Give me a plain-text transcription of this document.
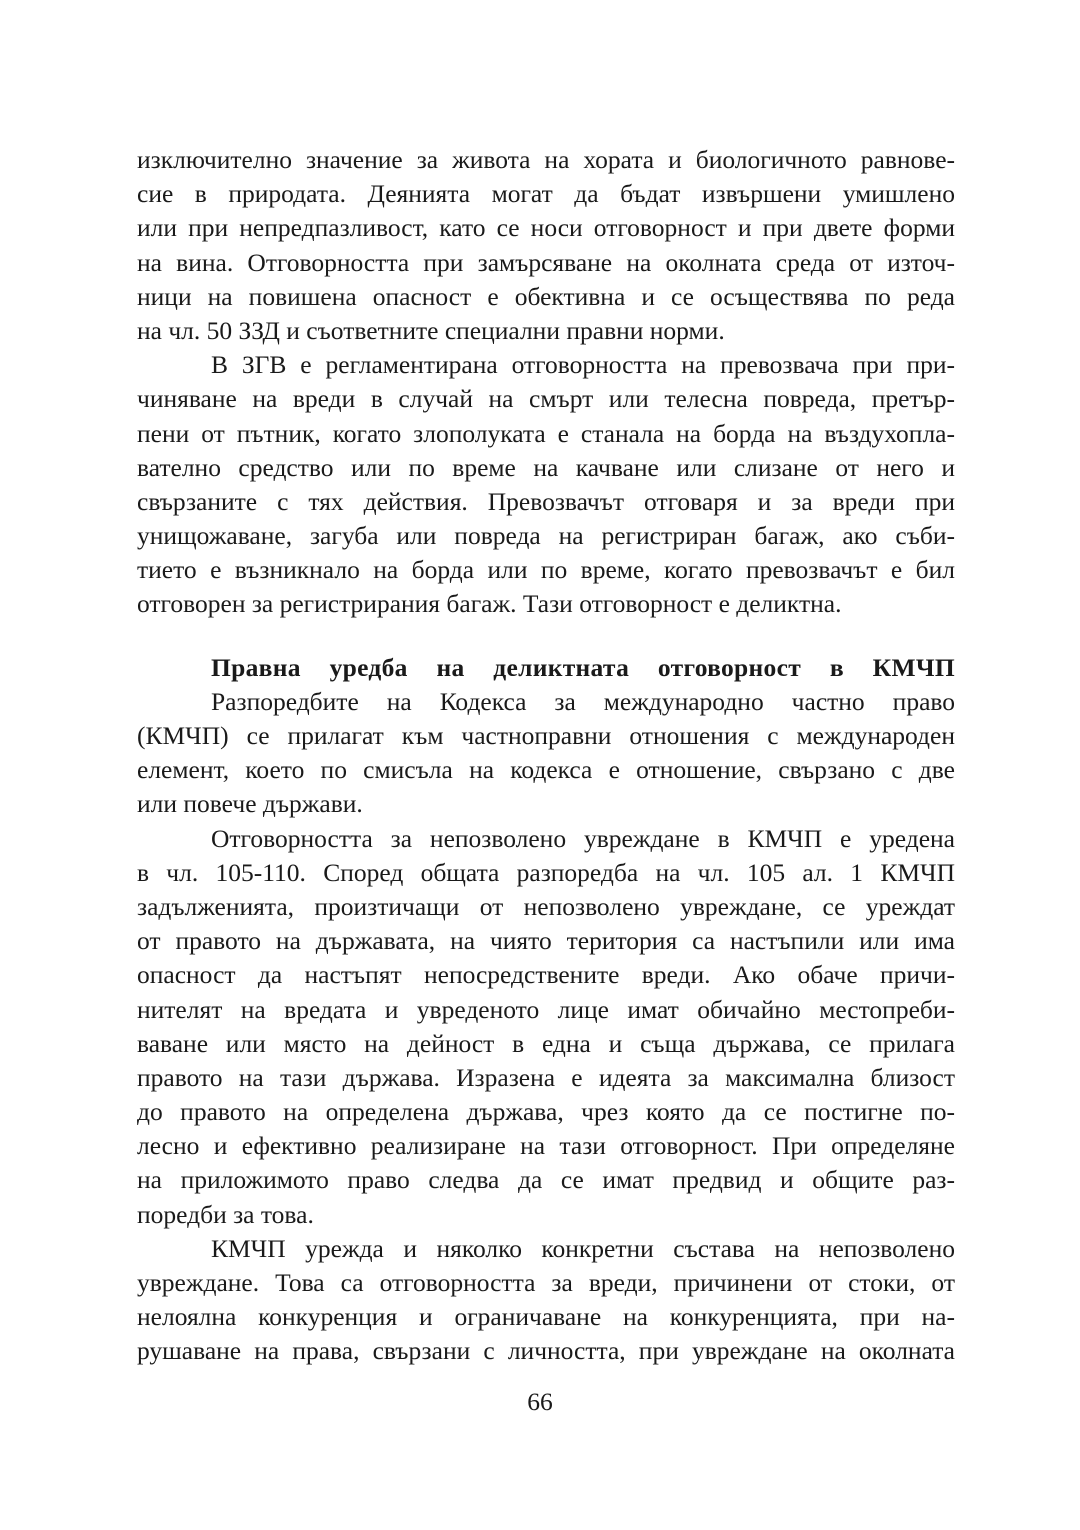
изключително значение за живота на хората и биологичното равнове-
сие в природата. Деянията могат да бъдат извършени умишлено
или при непредпазливост, като се носи отговорност и при двете форми
на вина. Отговорността при замърсяване на околната среда от източ-
ници на повишена опасност е обективна и се осъществява по реда
на чл. 50 ЗЗД и съответните специални правни норми.
В ЗГВ е регламентирана отговорността на превозвача при при-
чиняване на вреди в случай на смърт или телесна повреда, претър-
пени от пътник, когато злополуката е станала на борда на въздухопла-
вателно средство или по време на качване или слизане от него и
свързаните с тях действия. Превозвачът отговаря и за вреди при
унищожаване, загуба или повреда на регистриран багаж, ако съби-
тието е възникнало на борда или по време, когато превозвачът е бил
отговорен за регистрирания багаж. Тази отговорност е деликтна.
Правна уредба на деликтната отговорност в КМЧП
Разпоредбите на Кодекса за международно частно право
(КМЧП) се прилагат към частноправни отношения с международен
елемент, което по смисъла на кодекса е отношение, свързано с две
или повече държави.
Отговорността за непозволено увреждане в КМЧП е уредена
в чл. 105-110. Според общата разпоредба на чл. 105 ал. 1 КМЧП
задълженията, произтичащи от непозволено увреждане, се уреждат
от правото на държавата, на чиято територия са настъпили или има
опасност да настъпят непосредствените вреди. Ако обаче причи-
нителят на вредата и увреденото лице имат обичайно местопреби-
ваване или място на дейност в една и съща държава, се прилага
правото на тази държава. Изразена е идеята за максимална близост
до правото на определена държава, чрез която да се постигне по-
лесно и ефективно реализиране на тази отговорност. При определяне
на приложимото право следва да се имат предвид и общите раз-
поредби за това.
КМЧП урежда и няколко конкретни състава на непозволено
увреждане. Това са отговорността за вреди, причинени от стоки, от
нелоялна конкуренция и ограничаване на конкуренцията, при на-
рушаване на права, свързани с личността, при увреждане на околната
66
